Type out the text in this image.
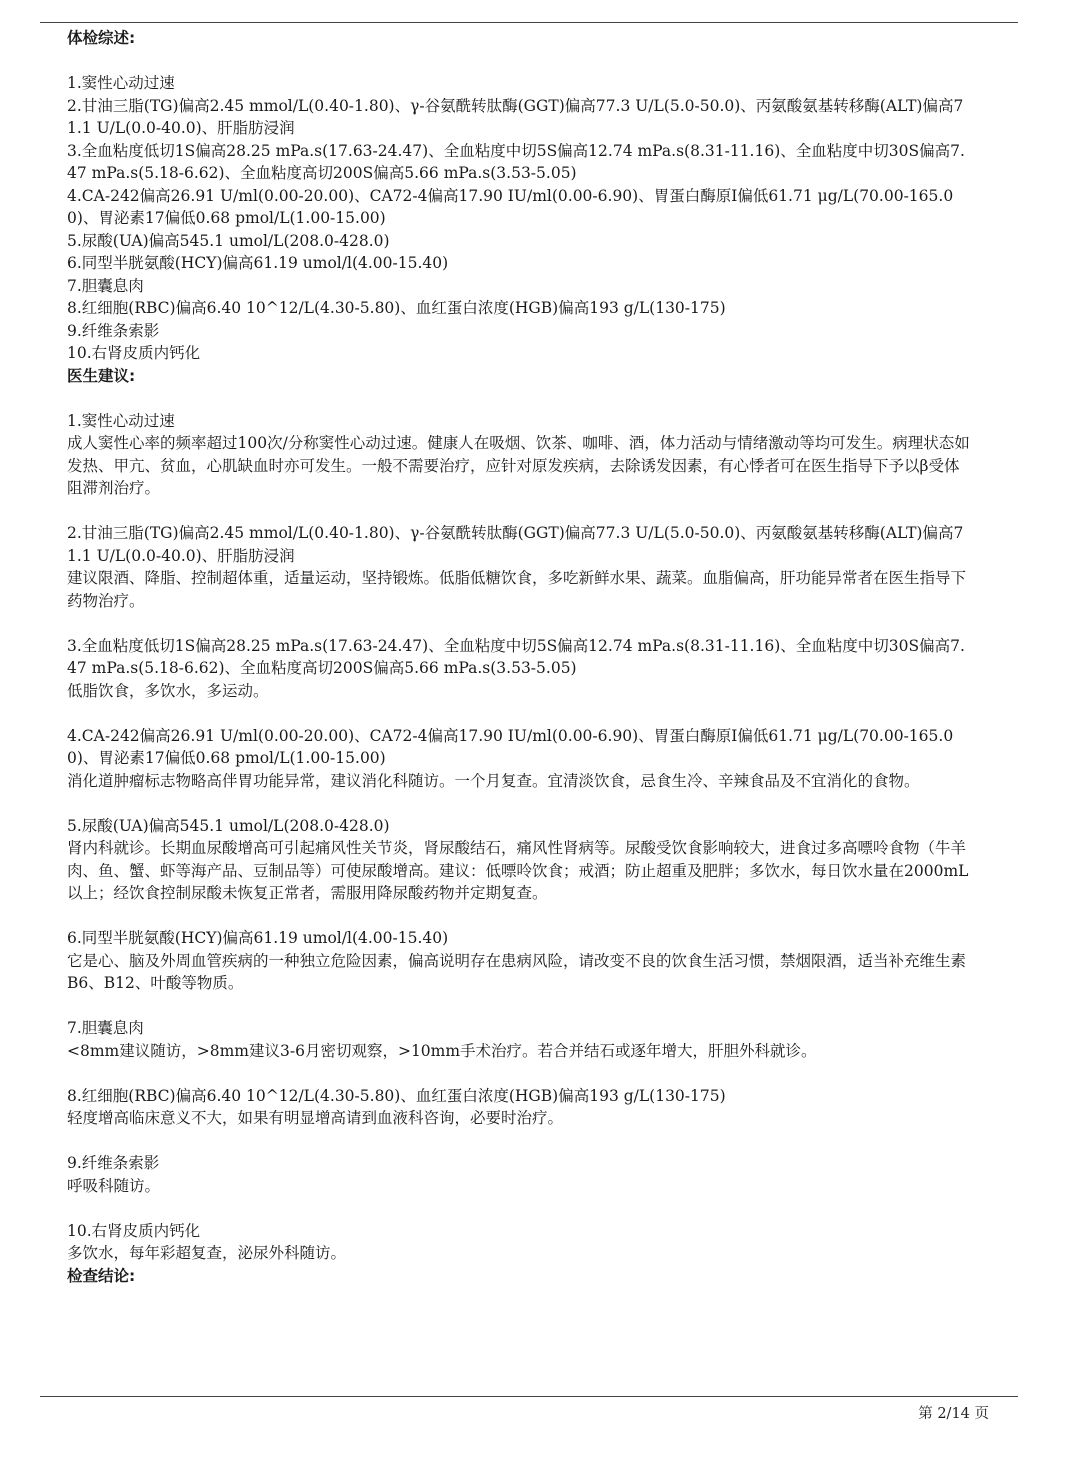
体检综述:
1.窦性心动过速
2.甘油三脂(TG)偏高2.45 mmol/L(0.40-1.80)、γ-谷氨酰转肽酶(GGT)偏高77.3 U/L(5.0-50.0)、丙氨酸氨基转移酶(ALT)偏高71.1 U/L(0.0-40.0)、肝脂肪浸润
3.全血粘度低切1S偏高28.25 mPa.s(17.63-24.47)、全血粘度中切5S偏高12.74 mPa.s(8.31-11.16)、全血粘度中切30S偏高7.47 mPa.s(5.18-6.62)、全血粘度高切200S偏高5.66 mPa.s(3.53-5.05)
4.CA-242偏高26.91 U/ml(0.00-20.00)、CA72-4偏高17.90 IU/ml(0.00-6.90)、胃蛋白酶原I偏低61.71 μg/L(70.00-165.00)、胃泌素17偏低0.68 pmol/L(1.00-15.00)
5.尿酸(UA)偏高545.1 umol/L(208.0-428.0)
6.同型半胱氨酸(HCY)偏高61.19 umol/l(4.00-15.40)
7.胆囊息肉
8.红细胞(RBC)偏高6.40 10^12/L(4.30-5.80)、血红蛋白浓度(HGB)偏高193 g/L(130-175)
9.纤维条索影
10.右肾皮质内钙化
医生建议:
1.窦性心动过速
成人窦性心率的频率超过100次/分称窦性心动过速。健康人在吸烟、饮茶、咖啡、酒，体力活动与情绪激动等均可发生。病理状态如发热、甲亢、贫血，心肌缺血时亦可发生。一般不需要治疗，应针对原发疾病，去除诱发因素，有心悸者可在医生指导下予以β受体阻滞剂治疗。
2.甘油三脂(TG)偏高2.45 mmol/L(0.40-1.80)、γ-谷氨酰转肽酶(GGT)偏高77.3 U/L(5.0-50.0)、丙氨酸氨基转移酶(ALT)偏高71.1 U/L(0.0-40.0)、肝脂肪浸润
建议限酒、降脂、控制超体重，适量运动，坚持锻炼。低脂低糖饮食，多吃新鲜水果、蔬菜。血脂偏高，肝功能异常者在医生指导下药物治疗。
3.全血粘度低切1S偏高28.25 mPa.s(17.63-24.47)、全血粘度中切5S偏高12.74 mPa.s(8.31-11.16)、全血粘度中切30S偏高7.47 mPa.s(5.18-6.62)、全血粘度高切200S偏高5.66 mPa.s(3.53-5.05)
低脂饮食，多饮水，多运动。
4.CA-242偏高26.91 U/ml(0.00-20.00)、CA72-4偏高17.90 IU/ml(0.00-6.90)、胃蛋白酶原I偏低61.71 μg/L(70.00-165.00)、胃泌素17偏低0.68 pmol/L(1.00-15.00)
消化道肿瘤标志物略高伴胃功能异常，建议消化科随访。一个月复查。宜清淡饮食，忌食生冷、辛辣食品及不宜消化的食物。
5.尿酸(UA)偏高545.1 umol/L(208.0-428.0)
肾内科就诊。长期血尿酸增高可引起痛风性关节炎，肾尿酸结石，痛风性肾病等。尿酸受饮食影响较大，进食过多高嘌呤食物（牛羊肉、鱼、蟹、虾等海产品、豆制品等）可使尿酸增高。建议：低嘌呤饮食；戒酒；防止超重及肥胖；多饮水，每日饮水量在2000mL以上；经饮食控制尿酸未恢复正常者，需服用降尿酸药物并定期复查。
6.同型半胱氨酸(HCY)偏高61.19 umol/l(4.00-15.40)
它是心、脑及外周血管疾病的一种独立危险因素，偏高说明存在患病风险，请改变不良的饮食生活习惯，禁烟限酒，适当补充维生素B6、B12、叶酸等物质。
7.胆囊息肉
<8mm建议随访，>8mm建议3-6月密切观察，>10mm手术治疗。若合并结石或逐年增大，肝胆外科就诊。
8.红细胞(RBC)偏高6.40 10^12/L(4.30-5.80)、血红蛋白浓度(HGB)偏高193 g/L(130-175)
轻度增高临床意义不大，如果有明显增高请到血液科咨询，必要时治疗。
9.纤维条索影
呼吸科随访。
10.右肾皮质内钙化
多饮水，每年彩超复查，泌尿外科随访。
检查结论:
第 2/14 页
